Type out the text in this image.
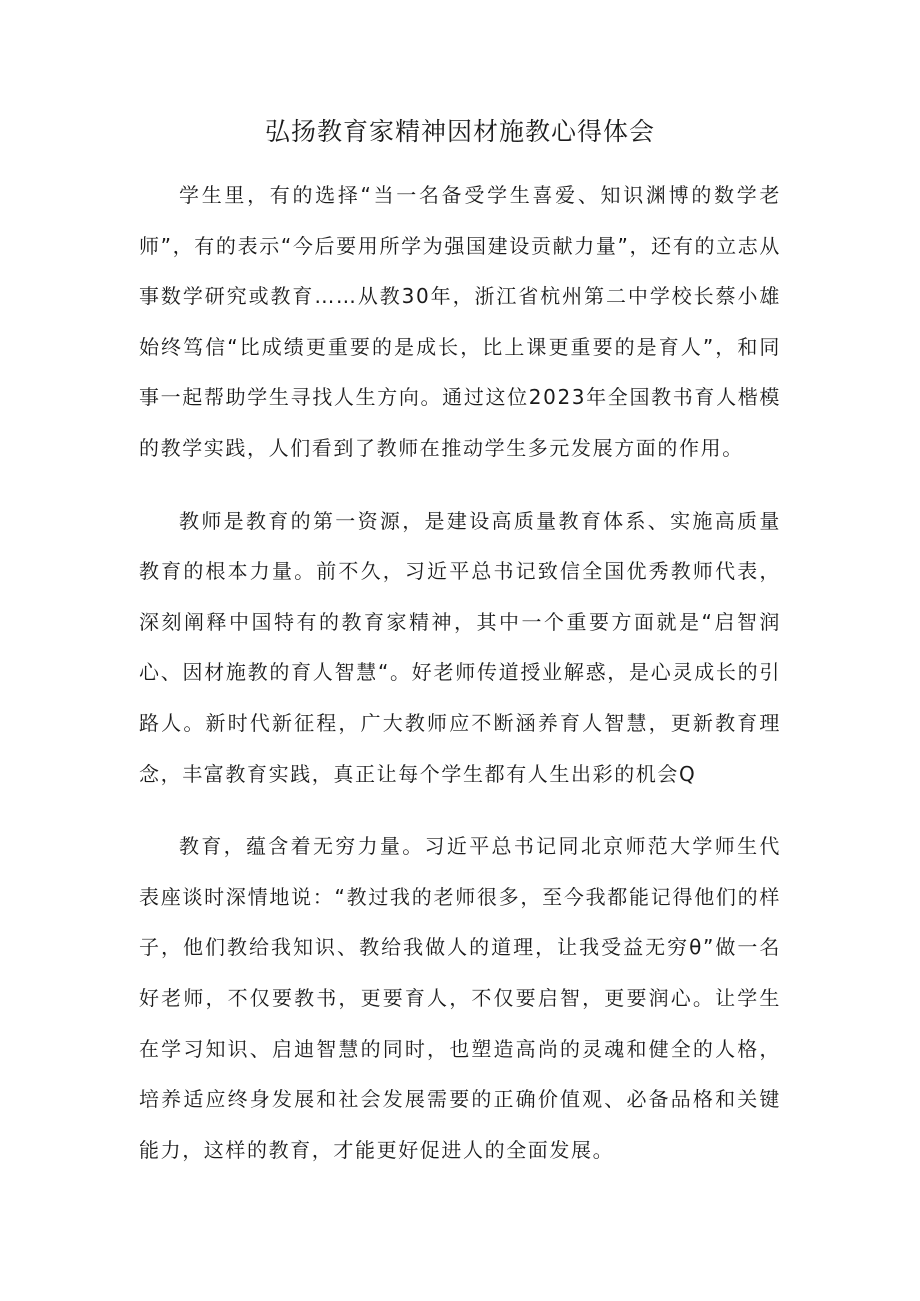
弘扬教育家精神因材施教心得体会

学生里，有的选择“当一名备受学生喜爱、知识渊博的数学老师”，有的表示“今后要用所学为强国建设贡献力量”，还有的立志从事数学研究或教育……从教30年，浙江省杭州第二中学校长蔡小雄始终笃信“比成绩更重要的是成长，比上课更重要的是育人”，和同事一起帮助学生寻找人生方向。通过这位2023年全国教书育人楷模的教学实践，人们看到了教师在推动学生多元发展方面的作用。

教师是教育的第一资源，是建设高质量教育体系、实施高质量教育的根本力量。前不久，习近平总书记致信全国优秀教师代表，深刻阐释中国特有的教育家精神，其中一个重要方面就是“启智润心、因材施教的育人智慧“。好老师传道授业解惑，是心灵成长的引路人。新时代新征程，广大教师应不断涵养育人智慧，更新教育理念，丰富教育实践，真正让每个学生都有人生出彩的机会Q

教育，蕴含着无穷力量。习近平总书记同北京师范大学师生代表座谈时深情地说：“教过我的老师很多，至今我都能记得他们的样子，他们教给我知识、教给我做人的道理，让我受益无穷θ”做一名好老师，不仅要教书，更要育人，不仅要启智，更要润心。让学生在学习知识、启迪智慧的同时，也塑造高尚的灵魂和健全的人格，培养适应终身发展和社会发展需要的正确价值观、必备品格和关键能力，这样的教育，才能更好促进人的全面发展。
